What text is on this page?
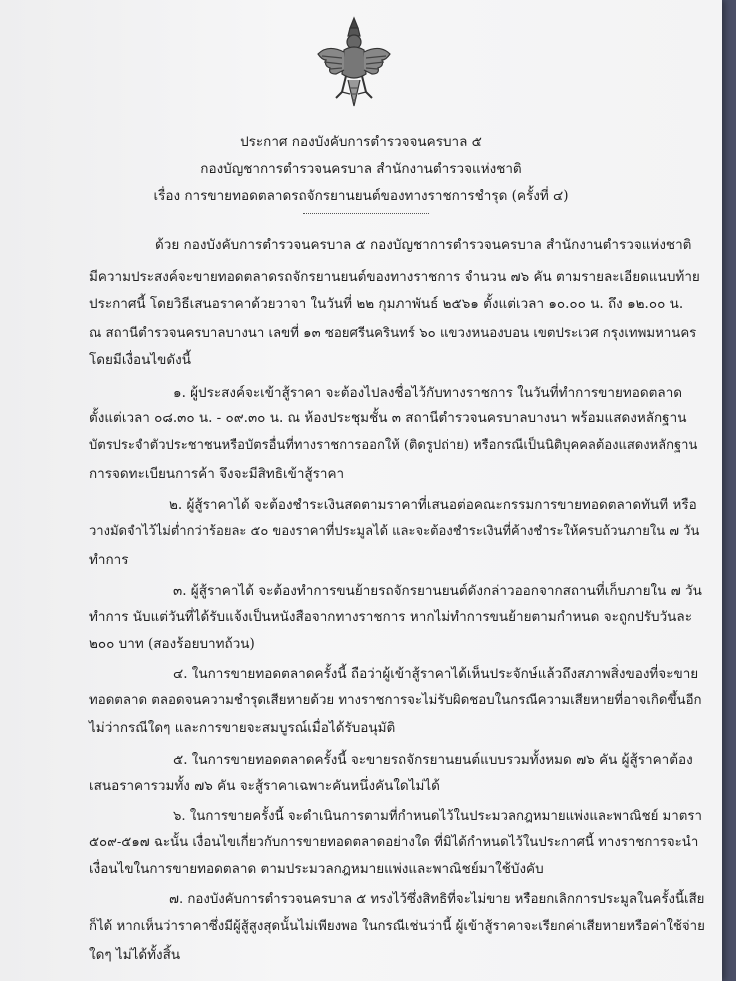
ประกาศ กองบังคับการตำรวจจนครบาล ๕
กองบัญชาการตำรวจนครบาล สำนักงานตำรวจแห่งชาติ
เรื่อง การขายทอดตลาดรถจักรยานยนต์ของทางราชการชำรุด (ครั้งที่ ๔)
ด้วย กองบังคับการตำรวจนครบาล ๕ กองบัญชาการตำรวจนครบาล สำนักงานตำรวจแห่งชาติ
มีความประสงค์จะขายทอดตลาดรถจักรยานยนต์ของทางราชการ จำนวน ๗๖ คัน ตามรายละเอียดแนบท้าย
ประกาศนี้ โดยวิธีเสนอราคาด้วยวาจา ในวันที่ ๒๒ กุมภาพันธ์ ๒๕๖๑ ตั้งแต่เวลา ๑๐.๐๐ น. ถึง ๑๒.๐๐ น.
ณ สถานีตำรวจนครบาลบางนา เลขที่ ๑๓ ซอยศรีนครินทร์ ๖๐ แขวงหนองบอน เขตประเวศ กรุงเทพมหานคร
โดยมีเงื่อนไขดังนี้
๑. ผู้ประสงค์จะเข้าสู้ราคา จะต้องไปลงชื่อไว้กับทางราชการ ในวันที่ทำการขายทอดตลาด
ตั้งแต่เวลา ๐๘.๓๐ น. - ๐๙.๓๐ น. ณ ห้องประชุมชั้น ๓ สถานีตำรวจนครบาลบางนา พร้อมแสดงหลักฐาน
บัตรประจำตัวประชาชนหรือบัตรอื่นที่ทางราชการออกให้ (ติดรูปถ่าย) หรือกรณีเป็นนิติบุคคลต้องแสดงหลักฐาน
การจดทะเบียนการค้า จึงจะมีสิทธิเข้าสู้ราคา
๒. ผู้สู้ราคาได้ จะต้องชำระเงินสดตามราคาที่เสนอต่อคณะกรรมการขายทอดตลาดทันที หรือ
วางมัดจำไว้ไม่ต่ำกว่าร้อยละ ๕๐ ของราคาที่ประมูลได้ และจะต้องชำระเงินที่ค้างชำระให้ครบถ้วนภายใน ๗ วัน
ทำการ
๓. ผู้สู้ราคาได้ จะต้องทำการขนย้ายรถจักรยานยนต์ดังกล่าวออกจากสถานที่เก็บภายใน ๗ วัน
ทำการ นับแต่วันที่ได้รับแจ้งเป็นหนังสือจากทางราชการ หากไม่ทำการขนย้ายตามกำหนด จะถูกปรับวันละ
๒๐๐ บาท (สองร้อยบาทถ้วน)
๔. ในการขายทอดตลาดครั้งนี้ ถือว่าผู้เข้าสู้ราคาได้เห็นประจักษ์แล้วถึงสภาพสิ่งของที่จะขาย
ทอดตลาด ตลอดจนความชำรุดเสียหายด้วย ทางราชการจะไม่รับผิดชอบในกรณีความเสียหายที่อาจเกิดขึ้นอีก
ไม่ว่ากรณีใดๆ และการขายจะสมบูรณ์เมื่อได้รับอนุมัติ
๕. ในการขายทอดตลาดครั้งนี้ จะขายรถจักรยานยนต์แบบรวมทั้งหมด ๗๖ คัน ผู้สู้ราคาต้อง
เสนอราคารวมทั้ง ๗๖ คัน จะสู้ราคาเฉพาะคันหนึ่งคันใดไม่ได้
๖. ในการขายครั้งนี้ จะดำเนินการตามที่กำหนดไว้ในประมวลกฎหมายแพ่งและพาณิชย์ มาตรา
๕๐๙-๕๑๗ ฉะนั้น เงื่อนไขเกี่ยวกับการขายทอดตลาดอย่างใด ที่มิได้กำหนดไว้ในประกาศนี้ ทางราชการจะนำ
เงื่อนไขในการขายทอดตลาด ตามประมวลกฎหมายแพ่งและพาณิชย์มาใช้บังคับ
๗. กองบังคับการตำรวจนครบาล ๕ ทรงไว้ซึ่งสิทธิที่จะไม่ขาย หรือยกเลิกการประมูลในครั้งนี้เสีย
ก็ได้ หากเห็นว่าราคาซึ่งมีผู้สู้สูงสุดนั้นไม่เพียงพอ ในกรณีเช่นว่านี้ ผู้เข้าสู้ราคาจะเรียกค่าเสียหายหรือค่าใช้จ่าย
ใดๆ ไม่ได้ทั้งสิ้น
